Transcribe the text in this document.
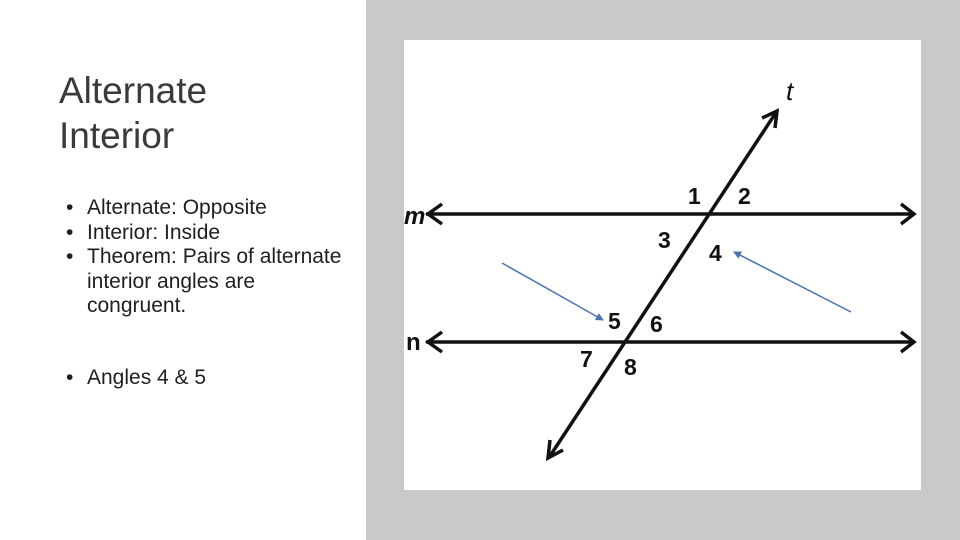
Alternate
Interior
• Alternate: Opposite
• Interior: Inside
• Theorem: Pairs of alternate interior angles are congruent.
• Angles 4 & 5
t
m
n
1 2
3 4
5 6
7 8
